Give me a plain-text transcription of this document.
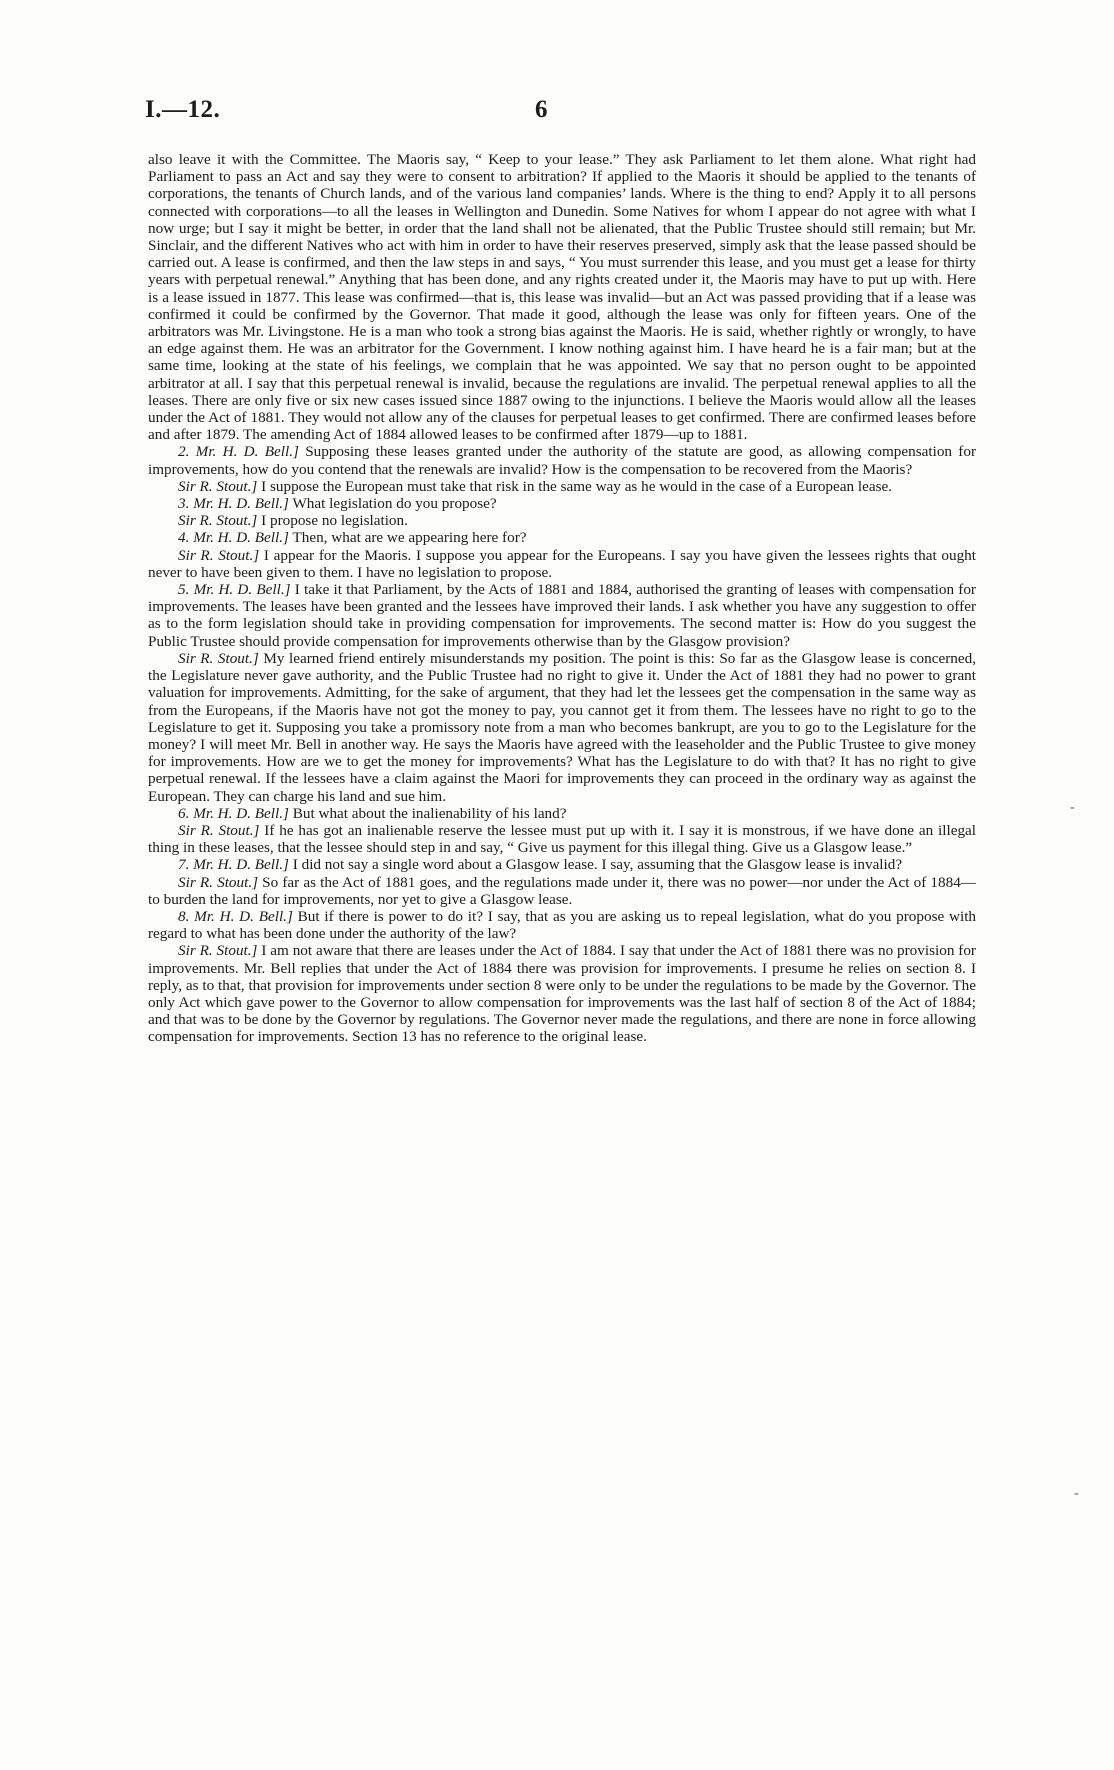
I.—12.	6

also leave it with the Committee. The Maoris say, “ Keep to your lease.” They ask Parliament to let them alone. What right had Parliament to pass an Act and say they were to consent to arbitration? If applied to the Maoris it should be applied to the tenants of corporations, the tenants of Church lands, and of the various land companies’ lands. Where is the thing to end? Apply it to all persons connected with corporations—to all the leases in Wellington and Dunedin. Some Natives for whom I appear do not agree with what I now urge; but I say it might be better, in order that the land shall not be alienated, that the Public Trustee should still remain; but Mr. Sinclair, and the different Natives who act with him in order to have their reserves preserved, simply ask that the lease passed should be carried out. A lease is confirmed, and then the law steps in and says, “ You must surrender this lease, and you must get a lease for thirty years with perpetual renewal.” Anything that has been done, and any rights created under it, the Maoris may have to put up with. Here is a lease issued in 1877. This lease was confirmed—that is, this lease was invalid—but an Act was passed providing that if a lease was confirmed it could be confirmed by the Governor. That made it good, although the lease was only for fifteen years. One of the arbitrators was Mr. Livingstone. He is a man who took a strong bias against the Maoris. He is said, whether rightly or wrongly, to have an edge against them. He was an arbitrator for the Government. I know nothing against him. I have heard he is a fair man; but at the same time, looking at the state of his feelings, we complain that he was appointed. We say that no person ought to be appointed arbitrator at all. I say that this perpetual renewal is invalid, because the regulations are invalid. The perpetual renewal applies to all the leases. There are only five or six new cases issued since 1887 owing to the injunctions. I believe the Maoris would allow all the leases under the Act of 1881. They would not allow any of the clauses for perpetual leases to get confirmed. There are confirmed leases before and after 1879. The amending Act of 1884 allowed leases to be confirmed after 1879—up to 1881.

2. Mr. H. D. Bell.] Supposing these leases granted under the authority of the statute are good, as allowing compensation for improvements, how do you contend that the renewals are invalid? How is the compensation to be recovered from the Maoris?

Sir R. Stout.] I suppose the European must take that risk in the same way as he would in the case of a European lease.

3. Mr. H. D. Bell.] What legislation do you propose?

Sir R. Stout.] I propose no legislation.

4. Mr. H. D. Bell.] Then, what are we appearing here for?

Sir R. Stout.] I appear for the Maoris. I suppose you appear for the Europeans. I say you have given the lessees rights that ought never to have been given to them. I have no legislation to propose.

5. Mr. H. D. Bell.] I take it that Parliament, by the Acts of 1881 and 1884, authorised the granting of leases with compensation for improvements. The leases have been granted and the lessees have improved their lands. I ask whether you have any suggestion to offer as to the form legislation should take in providing compensation for improvements. The second matter is: How do you suggest the Public Trustee should provide compensation for improvements otherwise than by the Glasgow provision?

Sir R. Stout.] My learned friend entirely misunderstands my position. The point is this: So far as the Glasgow lease is concerned, the Legislature never gave authority, and the Public Trustee had no right to give it. Under the Act of 1881 they had no power to grant valuation for improvements. Admitting, for the sake of argument, that they had let the lessees get the compensation in the same way as from the Europeans, if the Maoris have not got the money to pay, you cannot get it from them. The lessees have no right to go to the Legislature to get it. Supposing you take a promissory note from a man who becomes bankrupt, are you to go to the Legislature for the money? I will meet Mr. Bell in another way. He says the Maoris have agreed with the leaseholder and the Public Trustee to give money for improvements. How are we to get the money for improvements? What has the Legislature to do with that? It has no right to give perpetual renewal. If the lessees have a claim against the Maori for improvements they can proceed in the ordinary way as against the European. They can charge his land and sue him.

6. Mr. H. D. Bell.] But what about the inalienability of his land?

Sir R. Stout.] If he has got an inalienable reserve the lessee must put up with it. I say it is monstrous, if we have done an illegal thing in these leases, that the lessee should step in and say, “ Give us payment for this illegal thing. Give us a Glasgow lease.”

7. Mr. H. D. Bell.] I did not say a single word about a Glasgow lease. I say, assuming that the Glasgow lease is invalid?

Sir R. Stout.] So far as the Act of 1881 goes, and the regulations made under it, there was no power—nor under the Act of 1884—to burden the land for improvements, nor yet to give a Glasgow lease.

8. Mr. H. D. Bell.] But if there is power to do it? I say, that as you are asking us to repeal legislation, what do you propose with regard to what has been done under the authority of the law?

Sir R. Stout.] I am not aware that there are leases under the Act of 1884. I say that under the Act of 1881 there was no provision for improvements. Mr. Bell replies that under the Act of 1884 there was provision for improvements. I presume he relies on section 8. I reply, as to that, that provision for improvements under section 8 were only to be under the regulations to be made by the Governor. The only Act which gave power to the Governor to allow compensation for improvements was the last half of section 8 of the Act of 1884; and that was to be done by the Governor by regulations. The Governor never made the regulations, and there are none in force allowing compensation for improvements. Section 13 has no reference to the original lease.

-
-
